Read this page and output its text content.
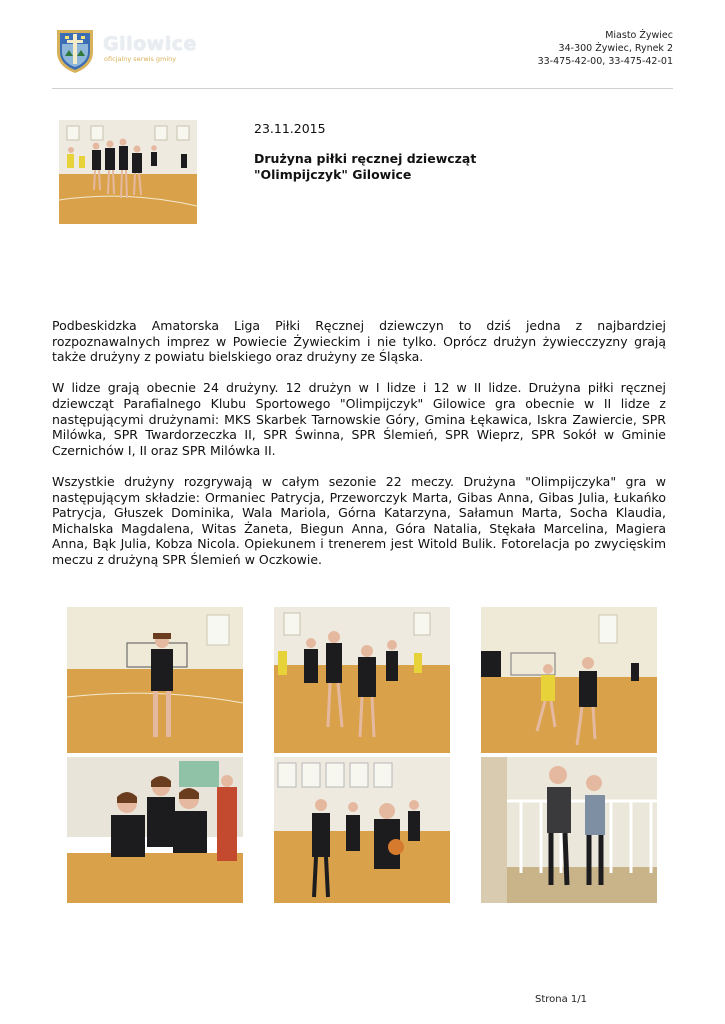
Gilowice
oficjalny serwis gminy
Miasto Żywiec
34-300 Żywiec, Rynek 2
33-475-42-00, 33-475-42-01
23.11.2015
Drużyna piłki ręcznej dziewcząt
"Olimpijczyk" Gilowice

Podbeskidzka Amatorska Liga Piłki Ręcznej dziewczyn to dziś jedna z najbardziej rozpoznawalnych imprez w Powiecie Żywieckim i nie tylko. Oprócz drużyn żywiecczyzny grają także drużyny z powiatu bielskiego oraz drużyny ze Śląska.

W lidze grają obecnie 24 drużyny. 12 drużyn w I lidze i 12 w II lidze. Drużyna piłki ręcznej dziewcząt Parafialnego Klubu Sportowego "Olimpijczyk" Gilowice gra obecnie w II lidze z następującymi drużynami: MKS Skarbek Tarnowskie Góry, Gmina Łękawica, Iskra Zawiercie, SPR Milówka, SPR Twardorzeczka II, SPR Świnna, SPR Ślemień, SPR Wieprz, SPR Sokół w Gminie Czernichów I, II oraz SPR Milówka II.

Wszystkie drużyny rozgrywają w całym sezonie 22 meczy. Drużyna "Olimpijczyka" gra w następującym składzie: Ormaniec Patrycja, Przeworczyk Marta, Gibas Anna, Gibas Julia, Łukańko Patrycja, Głuszek Dominika, Wala Mariola, Górna Katarzyna, Sałamun Marta, Socha Klaudia, Michalska Magdalena, Witas Żaneta, Biegun Anna, Góra Natalia, Stękała Marcelina, Magiera Anna, Bąk Julia, Kobza Nicola. Opiekunem i trenerem jest Witold Bulik. Fotorelacja po zwycięskim meczu z drużyną SPR Ślemień w Oczkowie.

Strona 1/1
